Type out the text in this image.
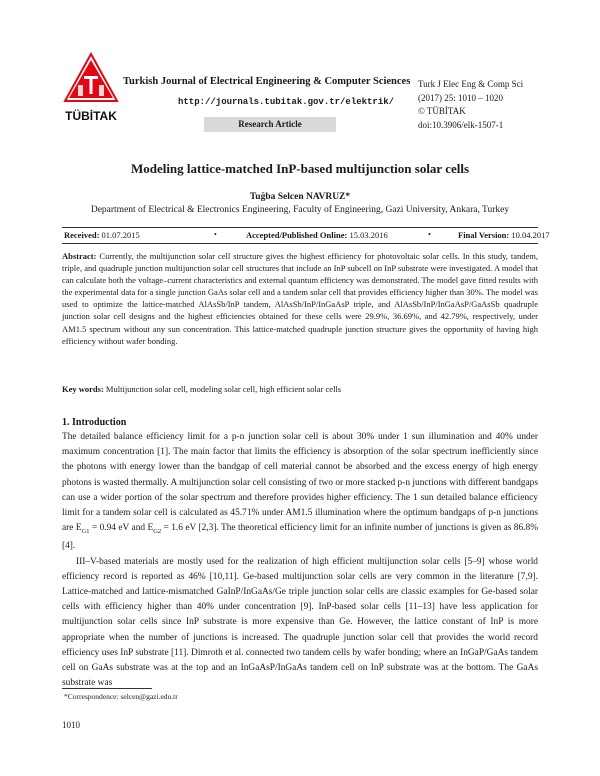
TÜBİTAK
Turkish Journal of Electrical Engineering & Computer Sciences
http://journals.tubitak.gov.tr/elektrik/
Research Article
Turk J Elec Eng & Comp Sci
(2017) 25: 1010 – 1020
© TÜBİTAK
doi:10.3906/elk-1507-1
Modeling lattice-matched InP-based multijunction solar cells
Tuğba Selcen NAVRUZ*
Department of Electrical & Electronics Engineering, Faculty of Engineering, Gazi University, Ankara, Turkey
Received: 01.07.2015	•	Accepted/Published Online: 15.03.2016	•	Final Version: 10.04.2017
Abstract: Currently, the multijunction solar cell structure gives the highest efficiency for photovoltaic solar cells. In this study, tandem, triple, and quadruple junction multijunction solar cell structures that include an InP subcell on InP substrate were investigated. A model that can calculate both the voltage–current characteristics and external quantum efficiency was demonstrated. The model gave fitted results with the experimental data for a single junction GaAs solar cell and a tandem solar cell that provides efficiency higher than 30%. The model was used to optimize the lattice-matched AlAsSb/InP tandem, AlAsSb/InP/InGaAsP triple, and AlAsSb/InP/InGaAsP/GaAsSb quadruple junction solar cell designs and the highest efficiencies obtained for these cells were 29.9%, 36.69%, and 42.79%, respectively, under AM1.5 spectrum without any sun concentration. This lattice-matched quadruple junction structure gives the opportunity of having high efficiency without wafer bonding.
Key words: Multijunction solar cell, modeling solar cell, high efficient solar cells
1. Introduction

The detailed balance efficiency limit for a p-n junction solar cell is about 30% under 1 sun illumination and 40% under maximum concentration [1]. The main factor that limits the efficiency is absorption of the solar spectrum inefficiently since the photons with energy lower than the bandgap of cell material cannot be absorbed and the excess energy of high energy photons is wasted thermally. A multijunction solar cell consisting of two or more stacked p-n junctions with different bandgaps can use a wider portion of the solar spectrum and therefore provides higher efficiency. The 1 sun detailed balance efficiency limit for a tandem solar cell is calculated as 45.71% under AM1.5 illumination where the optimum bandgaps of p-n junctions are $E_{G1} = 0.94$ eV and $E_{G2} = 1.6$ eV [2,3]. The theoretical efficiency limit for an infinite number of junctions is given as 86.8% [4].

III–V-based materials are mostly used for the realization of high efficient multijunction solar cells [5–9] whose world efficiency record is reported as 46% [10,11]. Ge-based multijunction solar cells are very common in the literature [7,9]. Lattice-matched and lattice-mismatched GaInP/InGaAs/Ge triple junction solar cells are classic examples for Ge-based solar cells with efficiency higher than 40% under concentration [9]. InP-based solar cells [11–13] have less application for multijunction solar cells since InP substrate is more expensive than Ge. However, the lattice constant of InP is more appropriate when the number of junctions is increased. The quadruple junction solar cell that provides the world record efficiency uses InP substrate [11]. Dimroth et al. connected two tandem cells by wafer bonding; where an InGaP/GaAs tandem cell on GaAs substrate was at the top and an InGaAsP/InGaAs tandem cell on InP substrate was at the bottom. The GaAs substrate was

*Correspondence: selcen@gazi.edu.tr
1010
